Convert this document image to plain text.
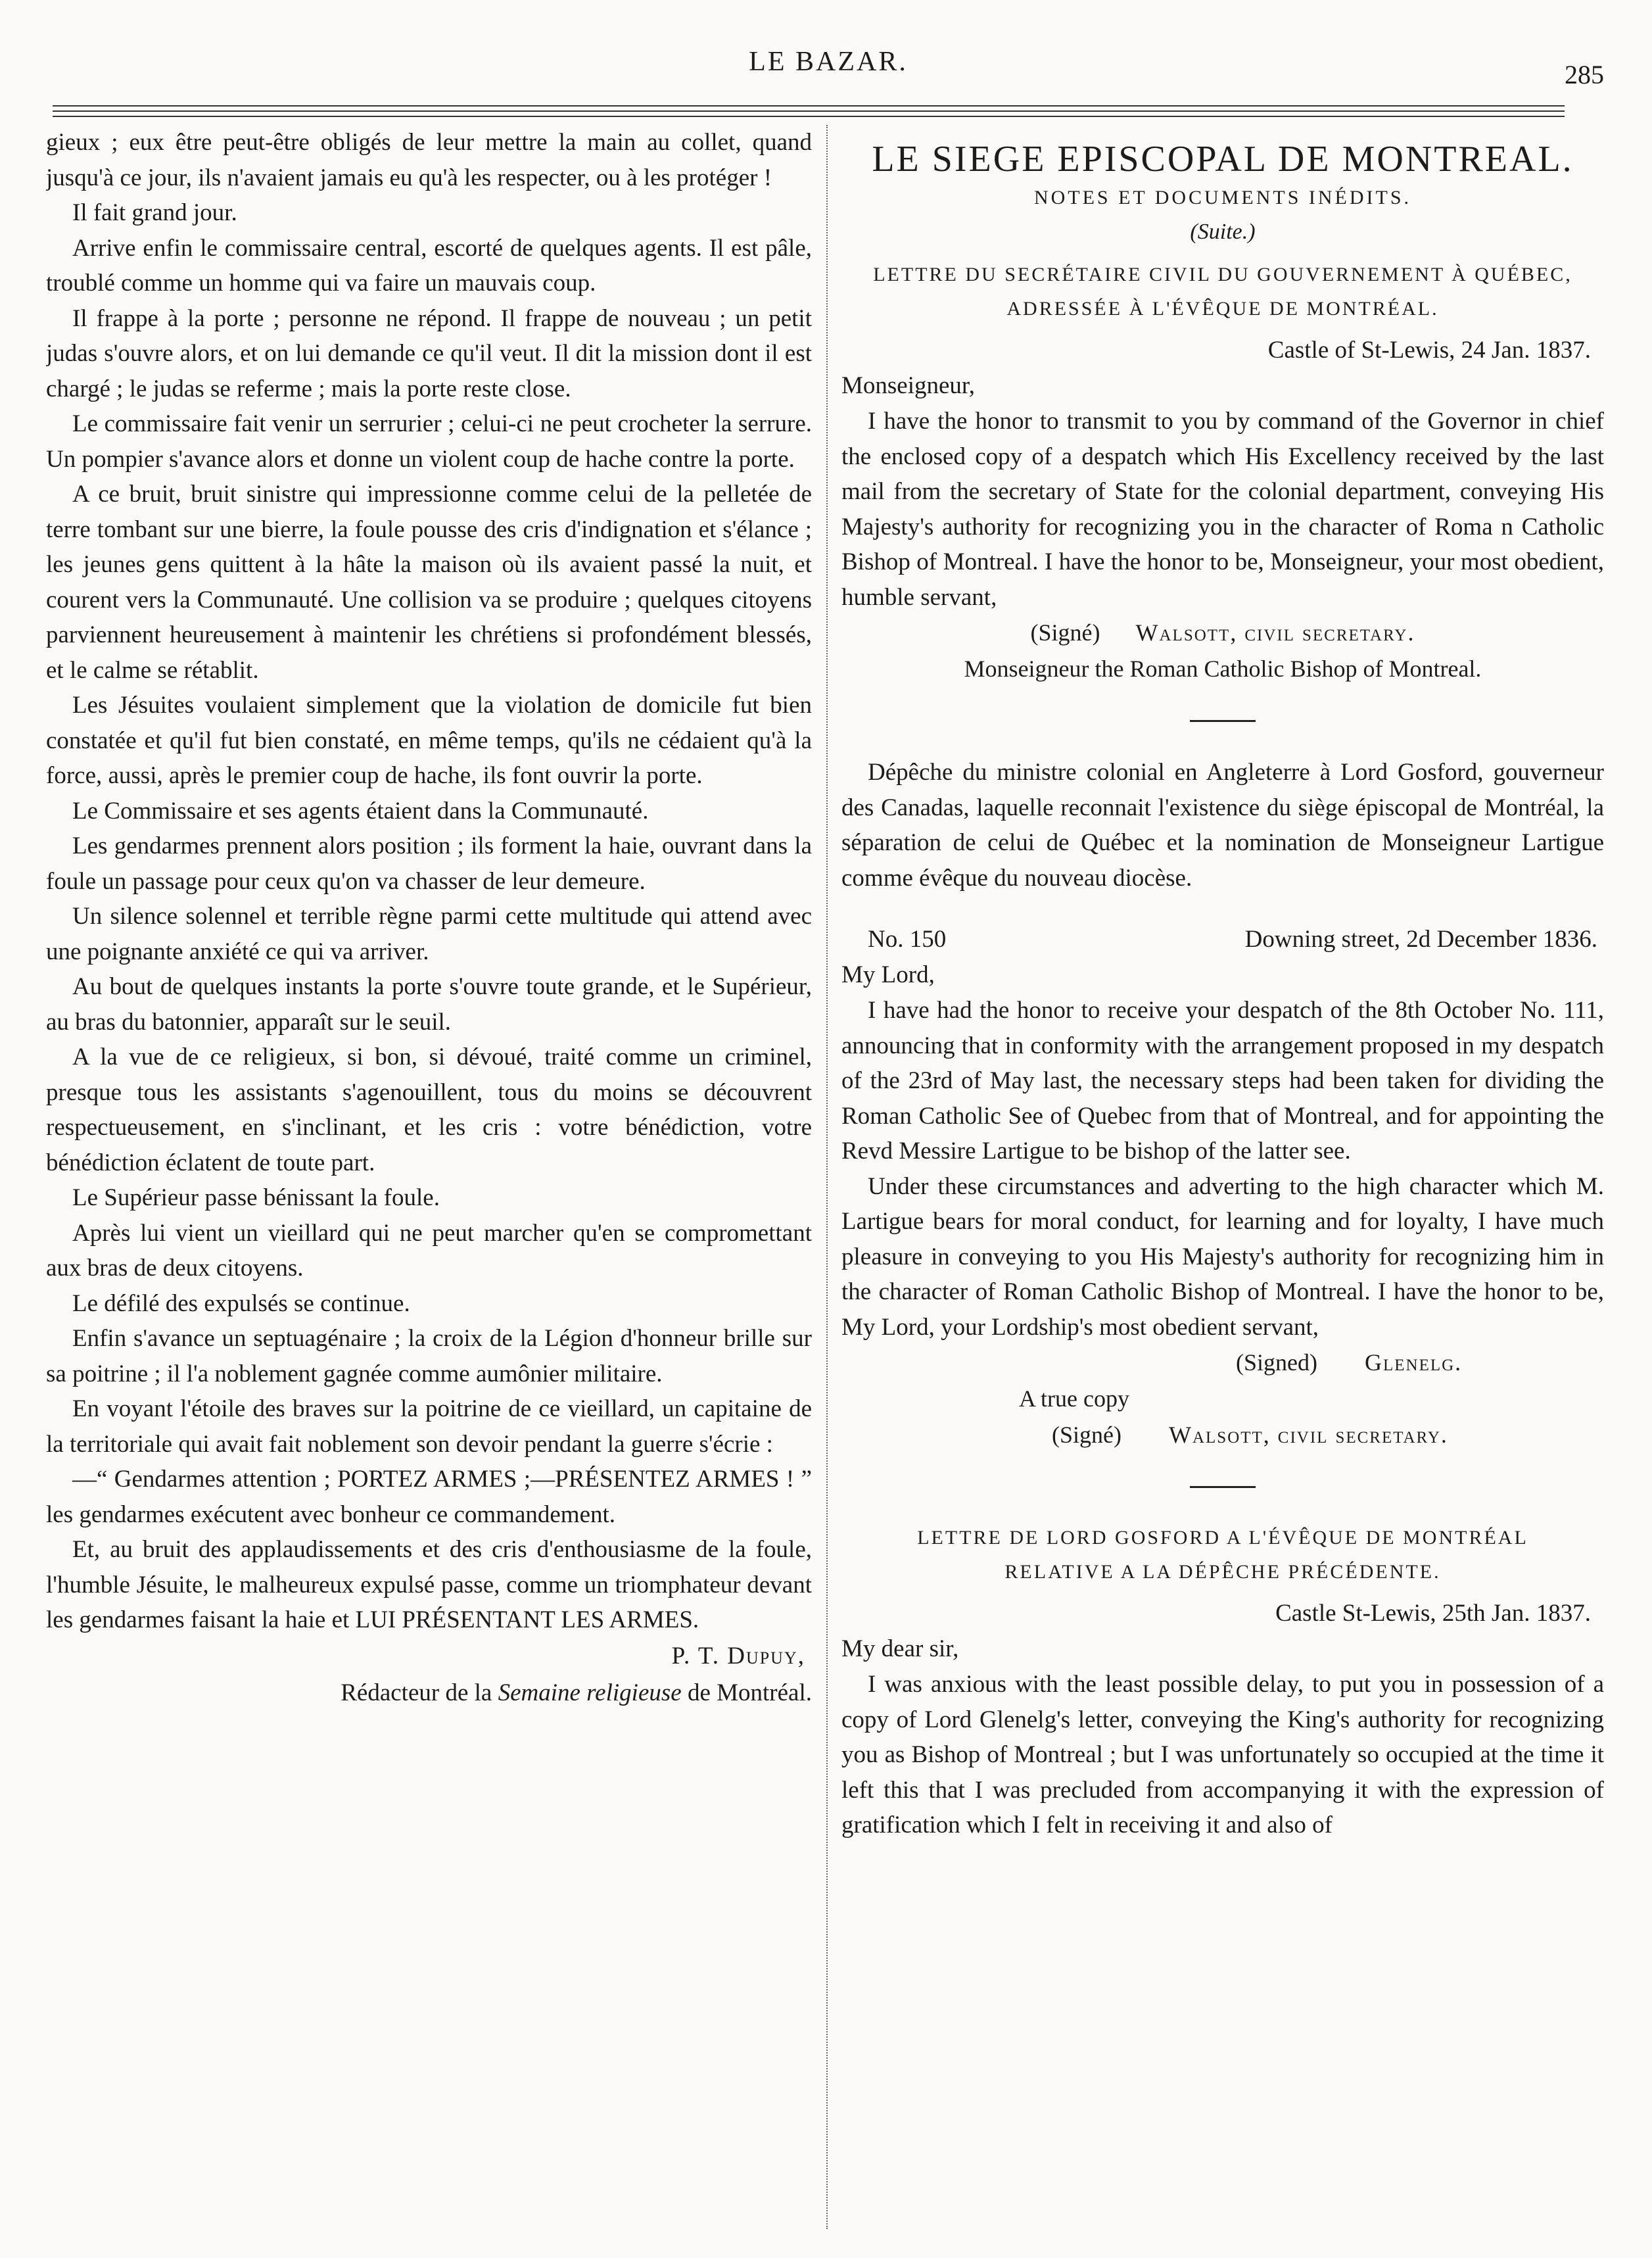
LE BAZAR.	285

gieux ; eux être peut-être obligés de leur mettre la main au collet, quand jusqu'à ce jour, ils n'avaient jamais eu qu'à les respecter, ou à les protéger !

Il fait grand jour.

Arrive enfin le commissaire central, escorté de quelques agents. Il est pâle, troublé comme un homme qui va faire un mauvais coup.

Il frappe à la porte ; personne ne répond. Il frappe de nouveau ; un petit judas s'ouvre alors, et on lui demande ce qu'il veut. Il dit la mission dont il est chargé ; le judas se referme ; mais la porte reste close.

Le commissaire fait venir un serrurier ; celui-ci ne peut crocheter la serrure. Un pompier s'avance alors et donne un violent coup de hache contre la porte.

A ce bruit, bruit sinistre qui impressionne comme celui de la pelletée de terre tombant sur une bierre, la foule pousse des cris d'indignation et s'élance ; les jeunes gens quittent à la hâte la maison où ils avaient passé la nuit, et courent vers la Communauté. Une collision va se produire ; quelques citoyens parviennent heureusement à maintenir les chrétiens si profondément blessés, et le calme se rétablit.

Les Jésuites voulaient simplement que la violation de domicile fut bien constatée et qu'il fut bien constaté, en même temps, qu'ils ne cédaient qu'à la force, aussi, après le premier coup de hache, ils font ouvrir la porte.

Le Commissaire et ses agents étaient dans la Communauté.

Les gendarmes prennent alors position ; ils forment la haie, ouvrant dans la foule un passage pour ceux qu'on va chasser de leur demeure.

Un silence solennel et terrible règne parmi cette multitude qui attend avec une poignante anxiété ce qui va arriver.

Au bout de quelques instants la porte s'ouvre toute grande, et le Supérieur, au bras du batonnier, apparaît sur le seuil.

A la vue de ce religieux, si bon, si dévoué, traité comme un criminel, presque tous les assistants s'agenouillent, tous du moins se découvrent respectueusement, en s'inclinant, et les cris : votre bénédiction, votre bénédiction éclatent de toute part.

Le Supérieur passe bénissant la foule.

Après lui vient un vieillard qui ne peut marcher qu'en se compromettant aux bras de deux citoyens.

Le défilé des expulsés se continue.

Enfin s'avance un septuagénaire ; la croix de la Légion d'honneur brille sur sa poitrine ; il l'a noblement gagnée comme aumônier militaire.

En voyant l'étoile des braves sur la poitrine de ce vieillard, un capitaine de la territoriale qui avait fait noblement son devoir pendant la guerre s'écrie :

—“ Gendarmes attention ; PORTEZ ARMES ;—PRÉSENTEZ ARMES ! ” les gendarmes exécutent avec bonheur ce commandement.

Et, au bruit des applaudissements et des cris d'enthousiasme de la foule, l'humble Jésuite, le malheureux expulsé passe, comme un triomphateur devant les gendarmes faisant la haie et LUI PRÉSENTANT LES ARMES.

P. T. Dupuy,
Rédacteur de la Semaine religieuse de Montréal.
LE SIEGE EPISCOPAL DE MONTREAL.
NOTES ET DOCUMENTS INÉDITS.
(Suite.)
LETTRE DU SECRÉTAIRE CIVIL DU GOUVERNEMENT À QUÉBEC, ADRESSÉE À L'ÉVÊQUE DE MONTRÉAL.
Castle of St-Lewis, 24 Jan. 1837.
Monseigneur,

I have the honor to transmit to you by command of the Governor in chief the enclosed copy of a despatch which His Excellency received by the last mail from the secretary of State for the colonial department, conveying His Majesty's authority for recognizing you in the character of Roma n Catholic Bishop of Montreal. I have the honor to be, Monseigneur, your most obedient, humble servant,

(Signé) Walsott, civil secretary.
Monseigneur the Roman Catholic Bishop of Montreal.

Dépêche du ministre colonial en Angleterre à Lord Gosford, gouverneur des Canadas, laquelle reconnait l'existence du siège épiscopal de Montréal, la séparation de celui de Québec et la nomination de Monseigneur Lartigue comme évêque du nouveau diocèse.

No. 150	Downing street, 2d December 1836.
My Lord,

I have had the honor to receive your despatch of the 8th October No. 111, announcing that in conformity with the arrangement proposed in my despatch of the 23rd of May last, the necessary steps had been taken for dividing the Roman Catholic See of Quebec from that of Montreal, and for appointing the Revd Messire Lartigue to be bishop of the latter see.

Under these circumstances and adverting to the high character which M. Lartigue bears for moral conduct, for learning and for loyalty, I have much pleasure in conveying to you His Majesty's authority for recognizing him in the character of Roman Catholic Bishop of Montreal. I have the honor to be, My Lord, your Lordship's most obedient servant,

(Signed) Glenelg.
A true copy
(Signé) Walsott, civil secretary.
LETTRE DE LORD GOSFORD A L'ÉVÊQUE DE MONTRÉAL RELATIVE A LA DÉPÊCHE PRÉCÉDENTE.
Castle St-Lewis, 25th Jan. 1837.
My dear sir,

I was anxious with the least possible delay, to put you in possession of a copy of Lord Glenelg's letter, conveying the King's authority for recognizing you as Bishop of Montreal ; but I was unfortunately so occupied at the time it left this that I was precluded from accompanying it with the expression of gratification which I felt in receiving it and also of
